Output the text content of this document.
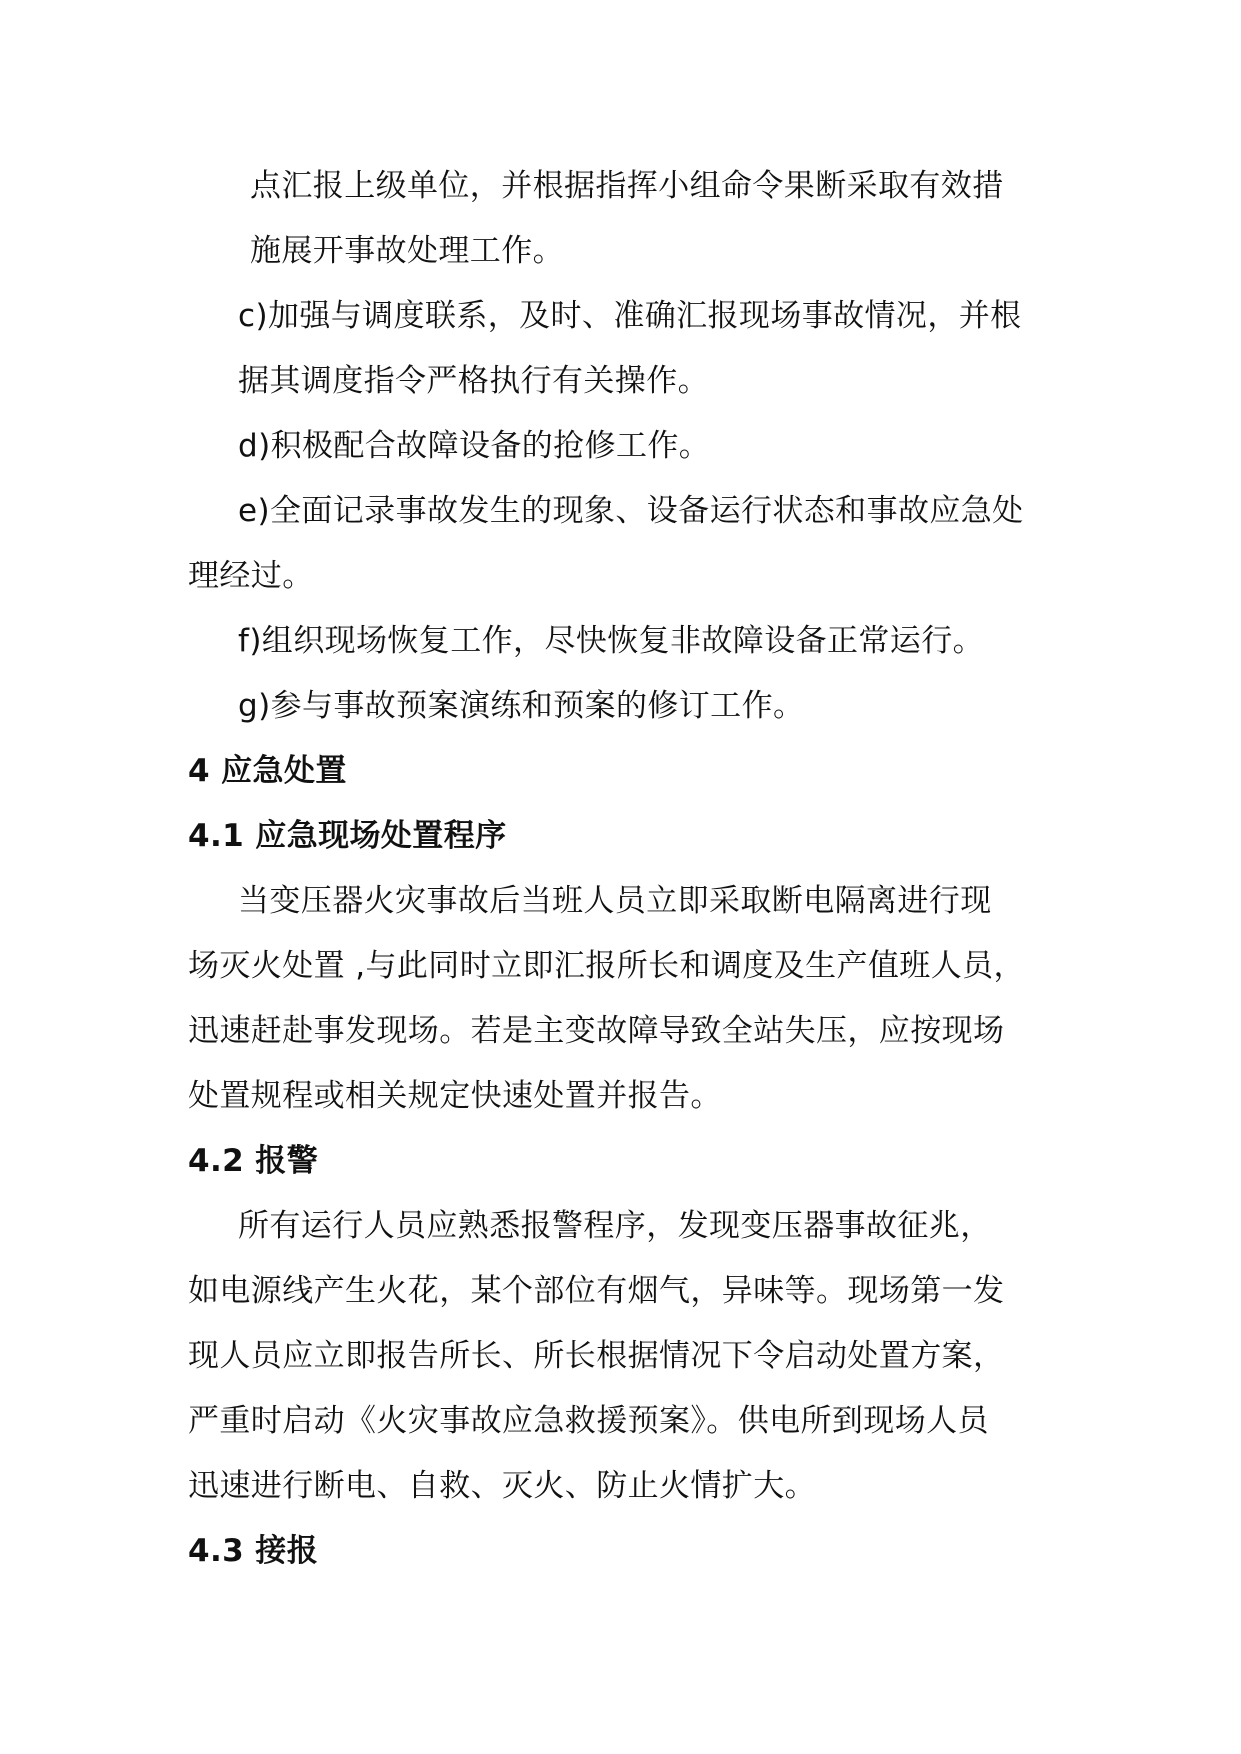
点汇报上级单位，并根据指挥小组命令果断采取有效措

施展开事故处理工作。

c)加强与调度联系，及时、准确汇报现场事故情况，并根

据其调度指令严格执行有关操作。

d)积极配合故障设备的抢修工作。

e)全面记录事故发生的现象、设备运行状态和事故应急处

理经过。

f)组织现场恢复工作，尽快恢复非故障设备正常运行。

g)参与事故预案演练和预案的修订工作。

4 应急处置

4.1 应急现场处置程序

当变压器火灾事故后当班人员立即采取断电隔离进行现

场灭火处置 ,与此同时立即汇报所长和调度及生产值班人员，

迅速赶赴事发现场。若是主变故障导致全站失压，应按现场

处置规程或相关规定快速处置并报告。

4.2 报警

所有运行人员应熟悉报警程序，发现变压器事故征兆，

如电源线产生火花，某个部位有烟气，异味等。现场第一发

现人员应立即报告所长、所长根据情况下令启动处置方案，

严重时启动《火灾事故应急救援预案》。供电所到现场人员

迅速进行断电、自救、灭火、防止火情扩大。

4.3 接报
